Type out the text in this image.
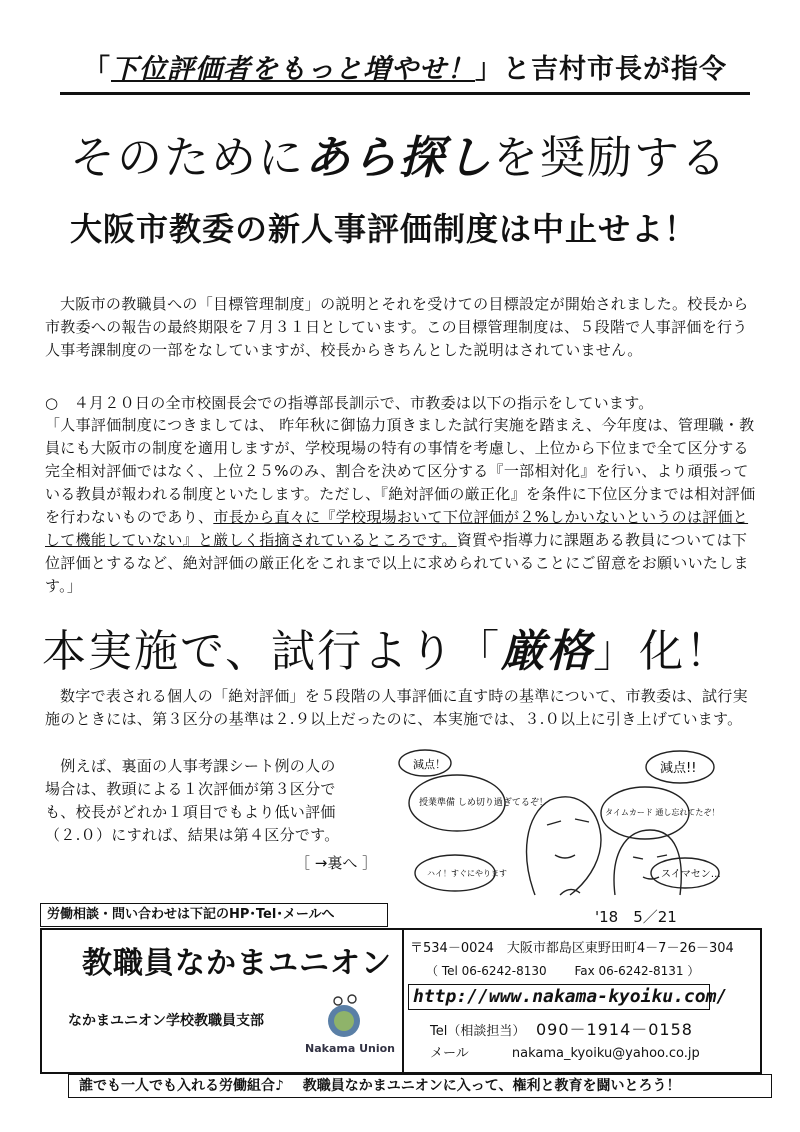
「下位評価者をもっと増やせ！」と吉村市長が指令
そのためにあら探しを奨励する
大阪市教委の新人事評価制度は中止せよ！
大阪市の教職員への「目標管理制度」の説明とそれを受けての目標設定が開始されました。校長から市教委への報告の最終期限を７月３１日としています。この目標管理制度は、５段階で人事評価を行う人事考課制度の一部をなしていますが、校長からきちんとした説明はされていません。
○　４月２０日の全市校園長会での指導部長訓示で、市教委は以下の指示をしています。
「人事評価制度につきましては、 昨年秋に御協力頂きました試行実施を踏まえ、今年度は、管理職・教員にも大阪市の制度を適用しますが、学校現場の特有の事情を考慮し、上位から下位まで全て区分する完全相対評価ではなく、上位２５%のみ、割合を決めて区分する『一部相対化』を行い、より頑張っている教員が報われる制度といたします。ただし、『絶対評価の厳正化』を条件に下位区分までは相対評価を行わないものであり、市長から直々に『学校現場おいて下位評価が２%しかいないというのは評価として機能していない』と厳しく指摘されているところです。資質や指導力に課題ある教員については下位評価とするなど、絶対評価の厳正化をこれまで以上に求められていることにご留意をお願いいたします。」
本実施で、試行より「厳格」化！
数字で表される個人の「絶対評価」を５段階の人事評価に直す時の基準について、市教委は、試行実施のときには、第３区分の基準は２.９以上だったのに、本実施では、３.０以上に引き上げています。
　例えば、裏面の人事考課シート例の人の
場合は、教頭による１次評価が第３区分で
も、校長がどれか１項目でもより低い評価
（２.０）にすれば、結果は第４区分です。
［ →裏へ ］
減点！
授業準備 しめ切り過ぎてるぞ！
ハイ！すぐにやります
減点!!
タイムカード 通し忘れてたぞ！
スイマセン…
労働相談・問い合わせは下記のHP･Tel･メールへ	'18　5／21
教職員なかまユニオン
なかまユニオン学校教職員支部
Nakama Union
〒534－0024　大阪市都島区東野田町4－7－26－304
（ Tel 06-6242-8130　　 Fax 06-6242-8131 ）
http://www.nakama-kyoiku.com/
Tel（相談担当）　 090－1914－0158
メール　　　	nakama_kyoiku@yahoo.co.jp
誰でも一人でも入れる労働組合♪　 教職員なかまユニオンに入って、権利と教育を闘いとろう！
